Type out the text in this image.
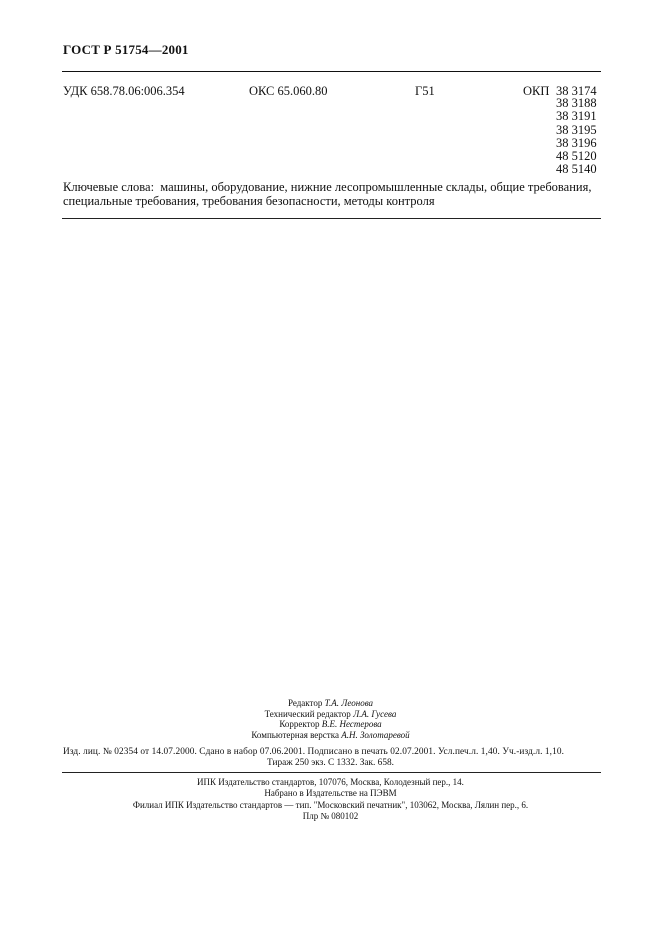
ГОСТ Р 51754—2001
УДК 658.78.06:006.354	ОКС 65.060.80	Г51	ОКП 38 3174
38 3188
38 3191
38 3195
38 3196
48 5120
48 5140
Ключевые слова: машины, оборудование, нижние лесопромышленные склады, общие требования, специальные требования, требования безопасности, методы контроля
Редактор Т.А. Леонова
Технический редактор Л.А. Гусева
Корректор В.Е. Нестерова
Компьютерная верстка А.Н. Золотаревой
Изд. лиц. № 02354 от 14.07.2000. Сдано в набор 07.06.2001. Подписано в печать 02.07.2001. Усл.печ.л. 1,40. Уч.-изд.л. 1,10.
Тираж 250 экз. С 1332. Зак. 658.
ИПК Издательство стандартов, 107076, Москва, Колодезный пер., 14.
Набрано в Издательстве на ПЭВМ
Филиал ИПК Издательство стандартов — тип. "Московский печатник", 103062, Москва, Лялин пер., 6.
Плр № 080102
